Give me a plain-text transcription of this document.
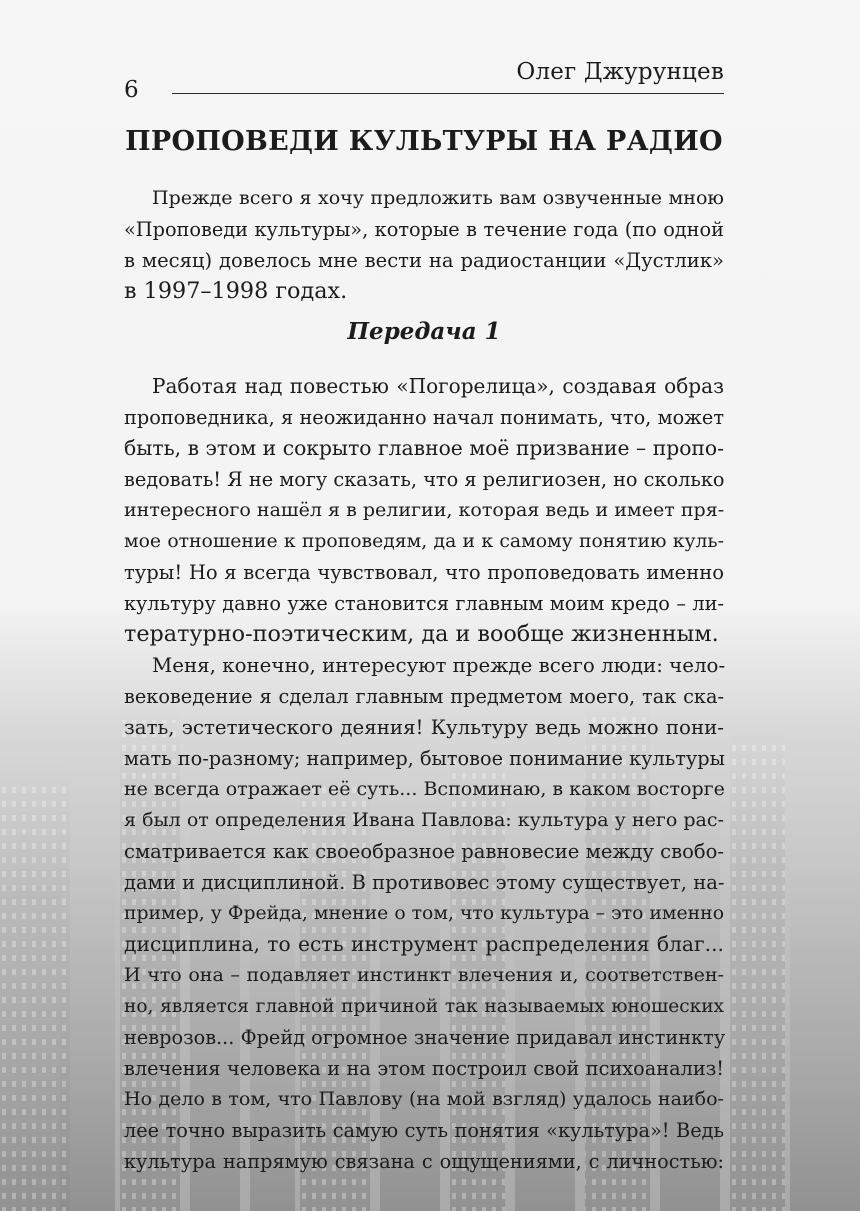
6
Олег Джурунцев
ПРОПОВЕДИ КУЛЬТУРЫ НА РАДИО
Прежде всего я хочу предложить вам озвученные мною
«Проповеди культуры», которые в течение года (по одной
в месяц) довелось мне вести на радиостанции «Дустлик»
в 1997–1998 годах.
Передача 1
Работая над повестью «Погорелица», создавая образ
проповедника, я неожиданно начал понимать, что, может
быть, в этом и сокрыто главное моё призвание – пропо-
ведовать! Я не могу сказать, что я религиозен, но сколько
интересного нашёл я в религии, которая ведь и имеет пря-
мое отношение к проповедям, да и к самому понятию куль-
туры! Но я всегда чувствовал, что проповедовать именно
культуру давно уже становится главным моим кредо – ли-
тературно-поэтическим, да и вообще жизненным.
Меня, конечно, интересуют прежде всего люди: чело-
вековедение я сделал главным предметом моего, так ска-
зать, эстетического деяния! Культуру ведь можно пони-
мать по-разному; например, бытовое понимание культуры
не всегда отражает её суть... Вспоминаю, в каком восторге
я был от определения Ивана Павлова: культура у него рас-
сматривается как своеобразное равновесие между свобо-
дами и дисциплиной. В противовес этому существует, на-
пример, у Фрейда, мнение о том, что культура – это именно
дисциплина, то есть инструмент распределения благ...
И что она – подавляет инстинкт влечения и, соответствен-
но, является главной причиной так называемых юношеских
неврозов... Фрейд огромное значение придавал инстинкту
влечения человека и на этом построил свой психоанализ!
Но дело в том, что Павлову (на мой взгляд) удалось наибо-
лее точно выразить самую суть понятия «культура»! Ведь
культура напрямую связана с ощущениями, с личностью:
